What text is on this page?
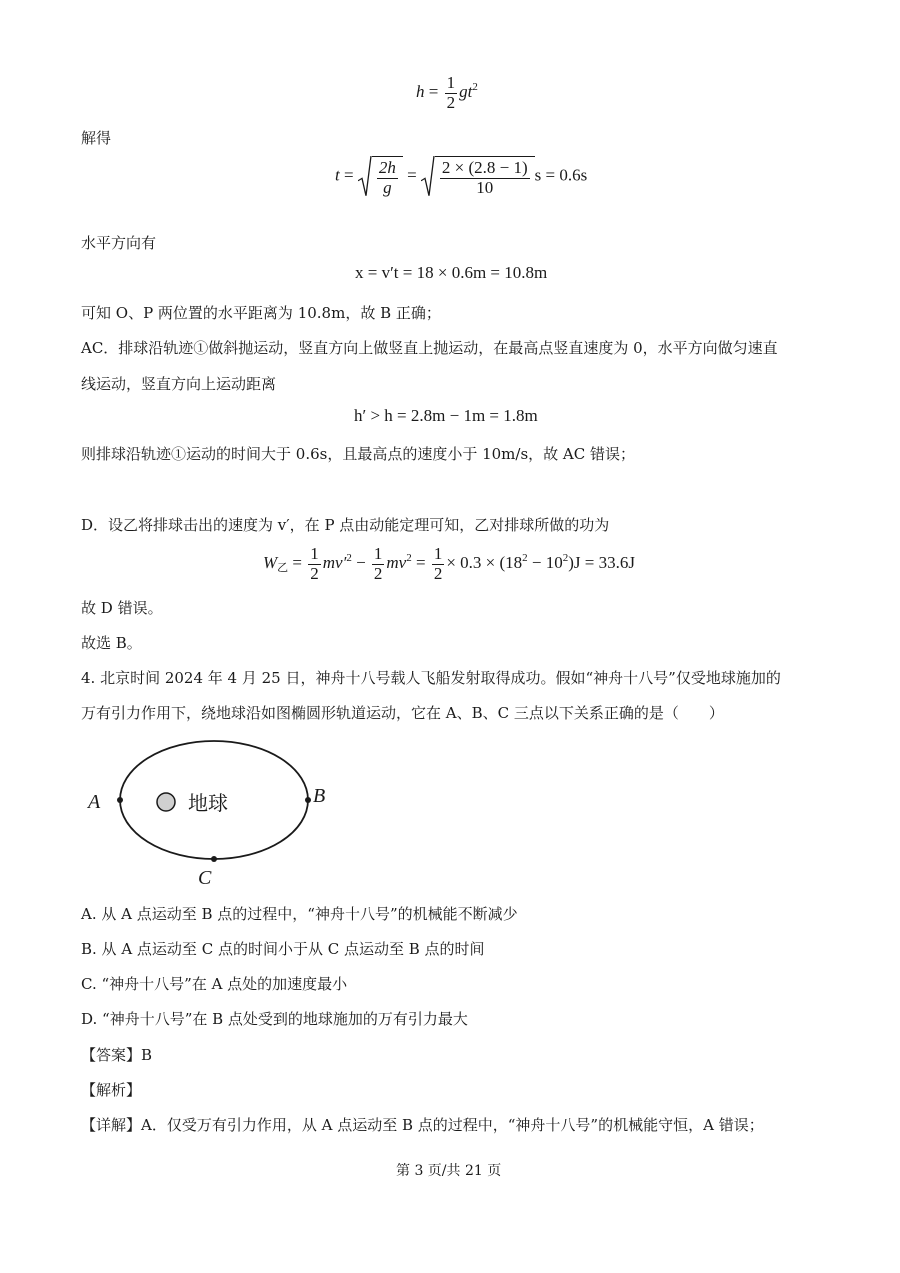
$h = \frac{1}{2} gt^2$
解得
$t = \frac{2h}{g} = \frac{2 \times (2.8 - 1)}{10}$ s = 0.6s
水平方向有
x = v′t = 18 × 0.6m = 10.8m
可知 O、P 两位置的水平距离为 10.8m，故 B 正确；
AC．排球沿轨迹①做斜抛运动，竖直方向上做竖直上抛运动，在最高点竖直速度为 0，水平方向做匀速直
线运动，竖直方向上运动距离
h′ > h = 2.8m − 1m = 1.8m
则排球沿轨迹①运动的时间大于 0.6s，且最高点的速度小于 10m/s，故 AC 错误；
D．设乙将排球击出的速度为 v′，在 P 点由动能定理可知，乙对排球所做的功为
$W_乙 = \frac{1}{2} mv'^2 - \frac{1}{2} mv^2 = \frac{1}{2} \times 0.3 \times (18^2 - 10^2)J = 33.6J$
故 D 错误。
故选 B。
4. 北京时间 2024 年 4 月 25 日，神舟十八号载人飞船发射取得成功。假如“神舟十八号”仅受地球施加的
万有引力作用下，绕地球沿如图椭圆形轨道运动，它在 A、B、C 三点以下关系正确的是（　　）
地球
A	B
C
A. 从 A 点运动至 B 点的过程中，“神舟十八号”的机械能不断减少
B. 从 A 点运动至 C 点的时间小于从 C 点运动至 B 点的时间
C. “神舟十八号”在 A 点处的加速度最小
D. “神舟十八号”在 B 点处受到的地球施加的万有引力最大
【答案】B
【解析】
【详解】A．仅受万有引力作用，从 A 点运动至 B 点的过程中，“神舟十八号”的机械能守恒，A 错误；
第 3 页/共 21 页
